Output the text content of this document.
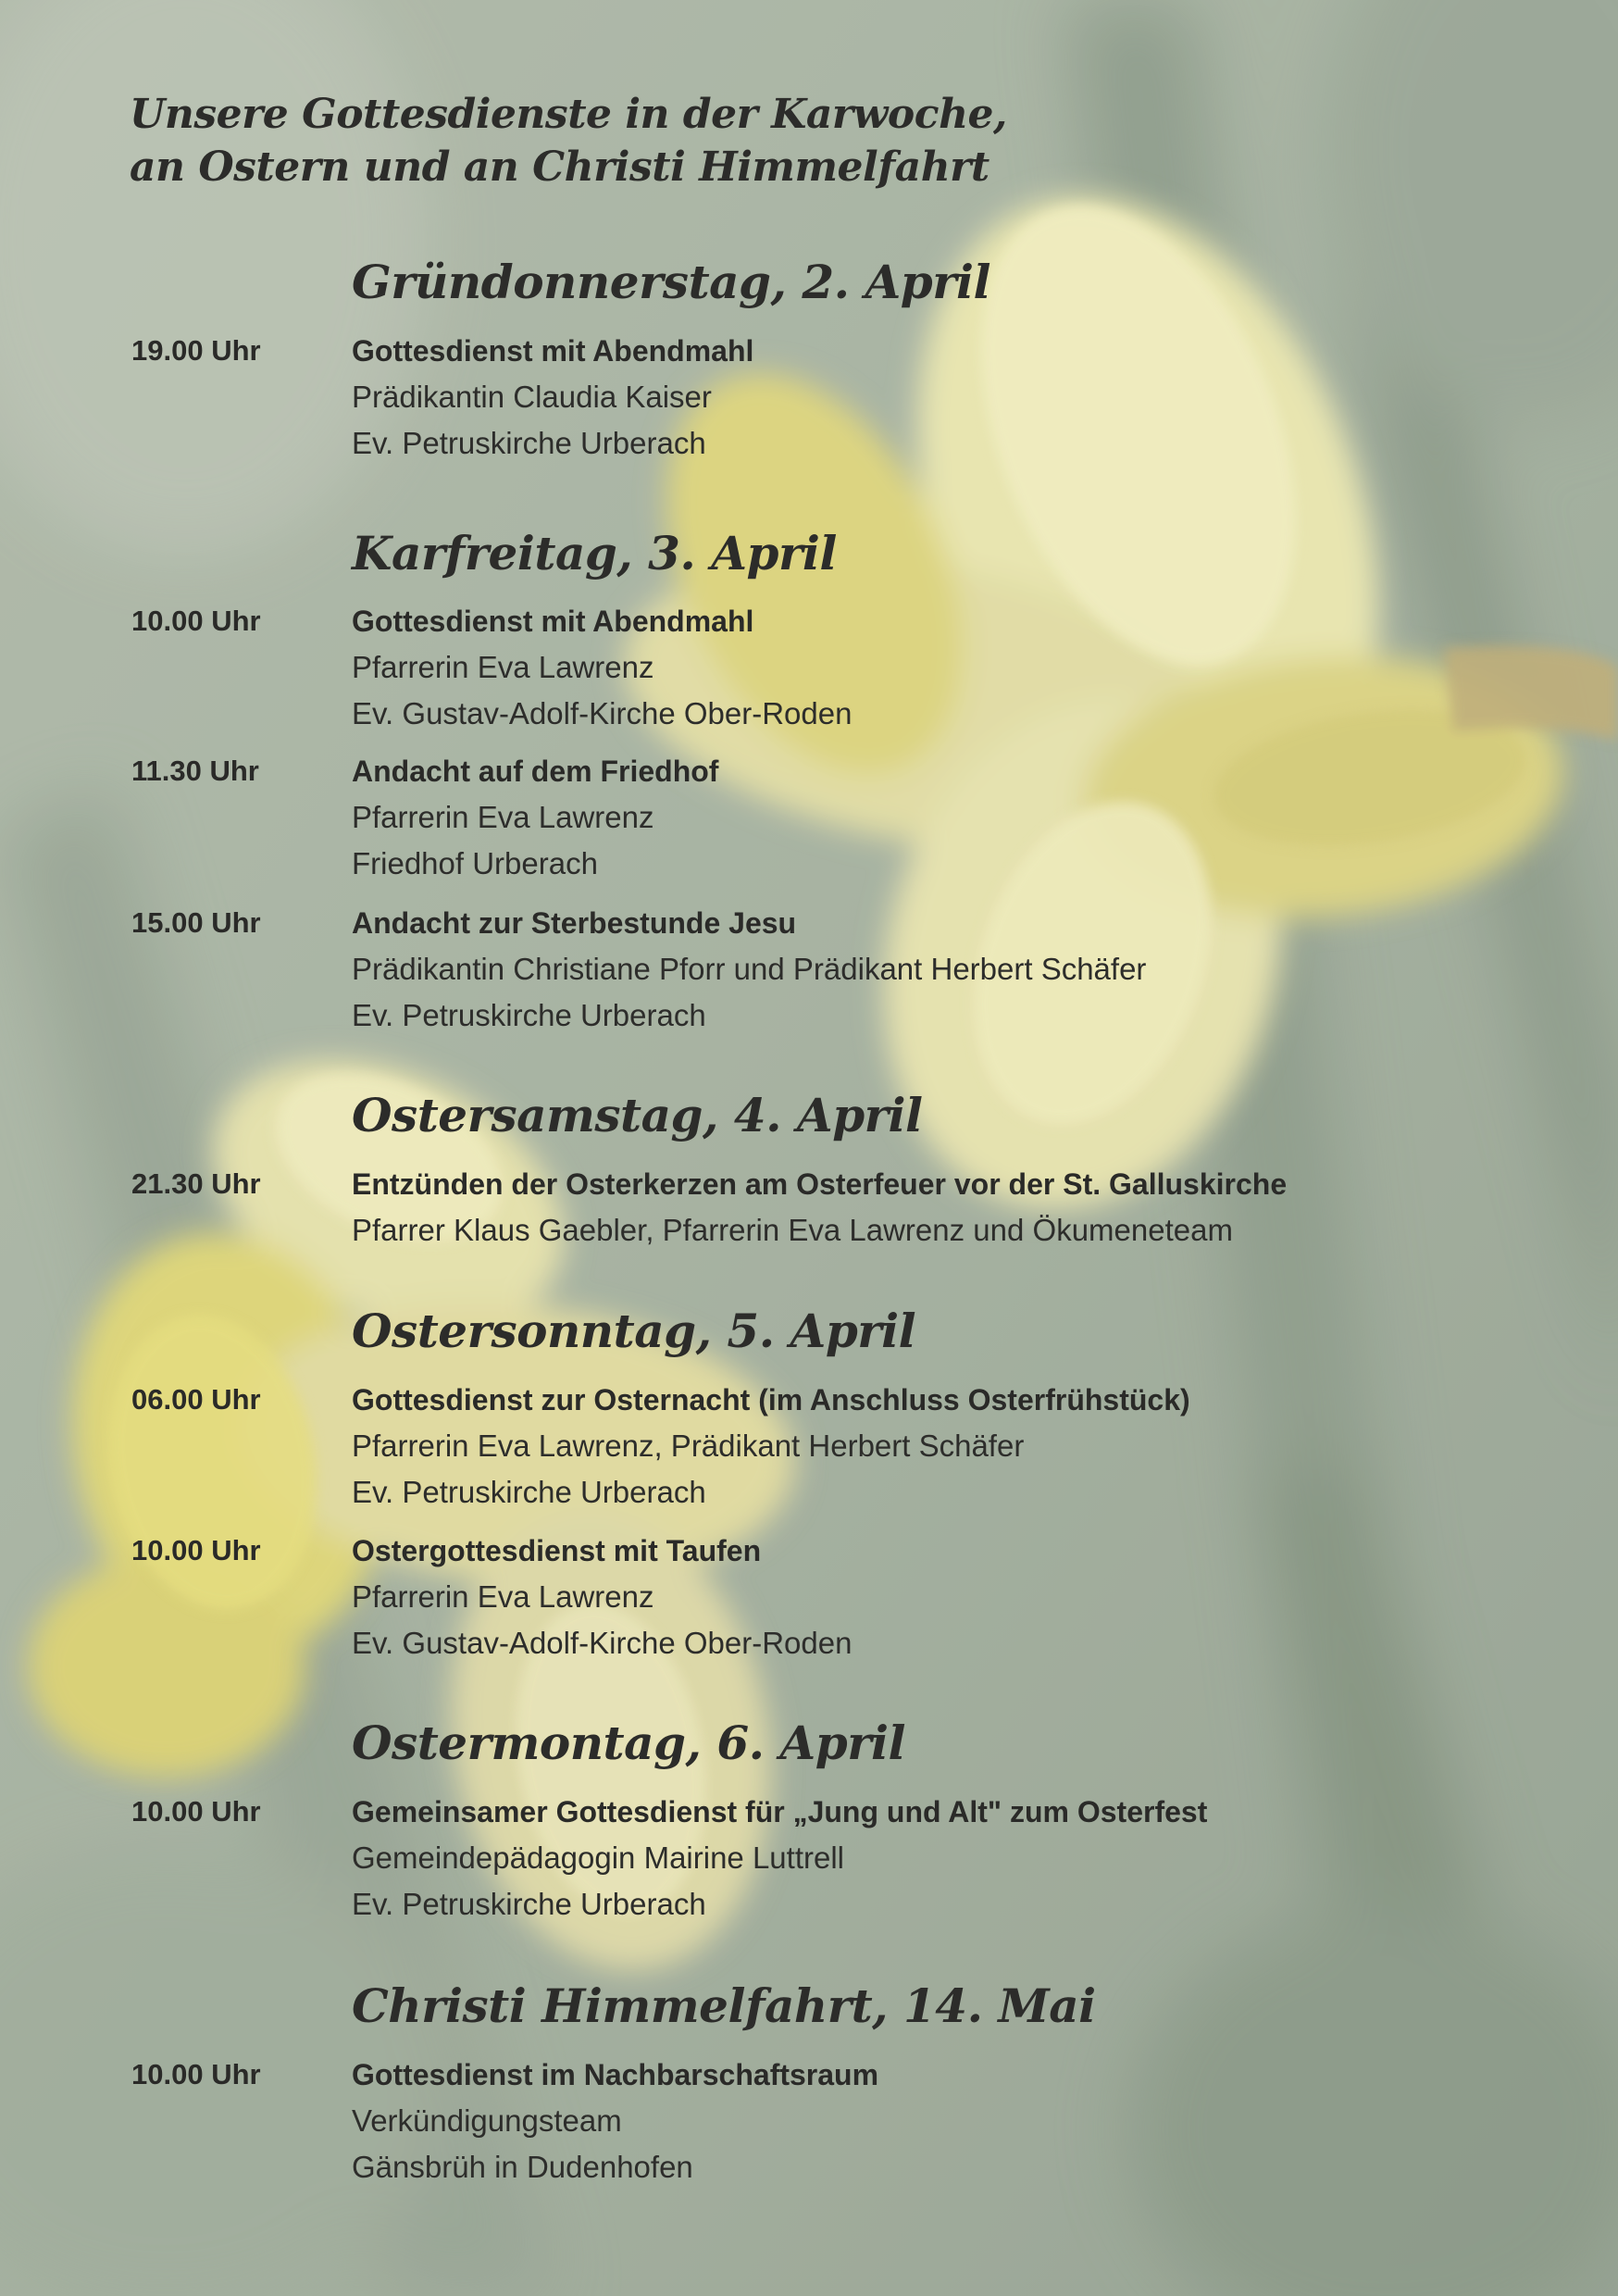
Unsere Gottesdienste in der Karwoche,
an Ostern und an Christi Himmelfahrt
Gründonnerstag, 2. April
19.00 Uhr	Gottesdienst mit Abendmahl
Prädikantin Claudia Kaiser
Ev. Petruskirche Urberach
Karfreitag, 3. April
10.00 Uhr	Gottesdienst mit Abendmahl
Pfarrerin Eva Lawrenz
Ev. Gustav-Adolf-Kirche Ober-Roden
11.30 Uhr	Andacht auf dem Friedhof
Pfarrerin Eva Lawrenz
Friedhof Urberach
15.00 Uhr	Andacht zur Sterbestunde Jesu
Prädikantin Christiane Pforr und Prädikant Herbert Schäfer
Ev. Petruskirche Urberach
Ostersamstag, 4. April
21.30 Uhr	Entzünden der Osterkerzen am Osterfeuer vor der St. Galluskirche
Pfarrer Klaus Gaebler, Pfarrerin Eva Lawrenz und Ökumeneteam
Ostersonntag, 5. April
06.00 Uhr	Gottesdienst zur Osternacht (im Anschluss Osterfrühstück)
Pfarrerin Eva Lawrenz, Prädikant Herbert Schäfer
Ev. Petruskirche Urberach
10.00 Uhr	Ostergottesdienst mit Taufen
Pfarrerin Eva Lawrenz
Ev. Gustav-Adolf-Kirche Ober-Roden
Ostermontag, 6. April
10.00 Uhr	Gemeinsamer Gottesdienst für „Jung und Alt" zum Osterfest
Gemeindepädagogin Mairine Luttrell
Ev. Petruskirche Urberach
Christi Himmelfahrt, 14. Mai
10.00 Uhr	Gottesdienst im Nachbarschaftsraum
Verkündigungsteam
Gänsbrüh in Dudenhofen
